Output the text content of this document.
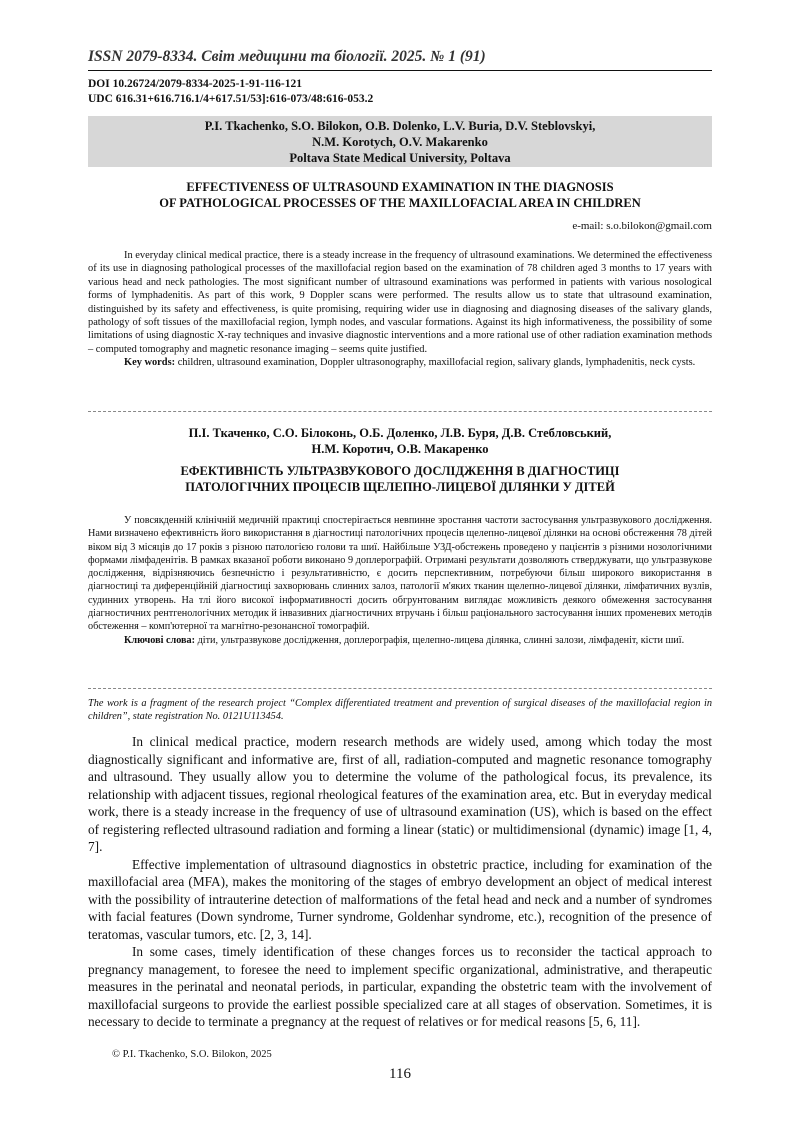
ISSN 2079-8334. Світ медицини та біології. 2025. № 1 (91)
DOI 10.26724/2079-8334-2025-1-91-116-121
UDC 616.31+616.716.1/4+617.51/53]:616-073/48:616-053.2
P.I. Tkachenko, S.O. Bilokon, O.B. Dolenko, L.V. Buria, D.V. Steblovskyi,
N.M. Korotych, O.V. Makarenko
Poltava State Medical University, Poltava
EFFECTIVENESS OF ULTRASOUND EXAMINATION IN THE DIAGNOSIS
OF PATHOLOGICAL PROCESSES OF THE MAXILLOFACIAL AREA IN CHILDREN
e-mail: s.o.bilokon@gmail.com

In everyday clinical medical practice, there is a steady increase in the frequency of ultrasound examinations. We determined the effectiveness of its use in diagnosing pathological processes of the maxillofacial region based on the examination of 78 children aged 3 months to 17 years with various head and neck pathologies. The most significant number of ultrasound examinations was performed in patients with various nosological forms of lymphadenitis. As part of this work, 9 Doppler scans were performed. The results allow us to state that ultrasound examination, distinguished by its safety and effectiveness, is quite promising, requiring wider use in diagnosing and diagnosing diseases of the salivary glands, pathology of soft tissues of the maxillofacial region, lymph nodes, and vascular formations. Against its high informativeness, the possibility of some limitations of using diagnostic X-ray techniques and invasive diagnostic interventions and a more rational use of other radiation examination methods – computed tomography and magnetic resonance imaging – seems quite justified.

Key words: children, ultrasound examination, Doppler ultrasonography, maxillofacial region, salivary glands, lymphadenitis, neck cysts.

П.І. Ткаченко, С.О. Білоконь, О.Б. Доленко, Л.В. Буря, Д.В. Стебловський,
Н.М. Коротич, О.В. Макаренко
ЕФЕКТИВНІСТЬ УЛЬТРАЗВУКОВОГО ДОСЛІДЖЕННЯ В ДІАГНОСТИЦІ
ПАТОЛОГІЧНИХ ПРОЦЕСІВ ЩЕЛЕПНО-ЛИЦЕВОЇ ДІЛЯНКИ У ДІТЕЙ

У повсякденній клінічній медичній практиці спостерігається невпинне зростання частоти застосування ультразвукового дослідження. Нами визначено ефективність його використання в діагностиці патологічних процесів щелепно-лицевої ділянки на основі обстеження 78 дітей віком від 3 місяців до 17 років з різною патологією голови та шиї. Найбільше УЗД-обстежень проведено у пацієнтів з різними нозологічними формами лімфаденітів. В рамках вказаної роботи виконано 9 доплерографій. Отримані результати дозволяють стверджувати, що ультразвукове дослідження, відрізняючись безпечністю і результативністю, є досить перспективним, потребуючи більш широкого використання в діагностиці та диференційній діагностиці захворювань слинних залоз, патології м'яких тканин щелепно-лицевої ділянки, лімфатичних вузлів, судинних утворень. На тлі його високої інформативності досить обгрунтованим виглядає можливість деякого обмеження застосування діагностичних рентгенологічних методик й інвазивних діагностичних втручань і більш раціонального застосування інших променевих методів обстеження – комп'ютерної та магнітно-резонансної томографій.

Ключові слова: діти, ультразвукове дослідження, доплерографія, щелепно-лицева ділянка, слинні залози, лімфаденіт, кісти шиї.

The work is a fragment of the research project “Complex differentiated treatment and prevention of surgical diseases of the maxillofacial region in children”, state registration No. 0121U113454.

In clinical medical practice, modern research methods are widely used, among which today the most diagnostically significant and informative are, first of all, radiation-computed and magnetic resonance tomography and ultrasound. They usually allow you to determine the volume of the pathological focus, its prevalence, its relationship with adjacent tissues, regional rheological features of the examination area, etc. But in everyday medical work, there is a steady increase in the frequency of use of ultrasound examination (US), which is based on the effect of registering reflected ultrasound radiation and forming a linear (static) or multidimensional (dynamic) image [1, 4, 7].

Effective implementation of ultrasound diagnostics in obstetric practice, including for examination of the maxillofacial area (MFA), makes the monitoring of the stages of embryo development an object of medical interest with the possibility of intrauterine detection of malformations of the fetal head and neck and a number of syndromes with facial features (Down syndrome, Turner syndrome, Goldenhar syndrome, etc.), recognition of the presence of teratomas, vascular tumors, etc. [2, 3, 14].

In some cases, timely identification of these changes forces us to reconsider the tactical approach to pregnancy management, to foresee the need to implement specific organizational, administrative, and therapeutic measures in the perinatal and neonatal periods, in particular, expanding the obstetric team with the involvement of maxillofacial surgeons to provide the earliest possible specialized care at all stages of observation. Sometimes, it is necessary to decide to terminate a pregnancy at the request of relatives or for medical reasons [5, 6, 11].

© P.I. Tkachenko, S.O. Bilokon, 2025
116
